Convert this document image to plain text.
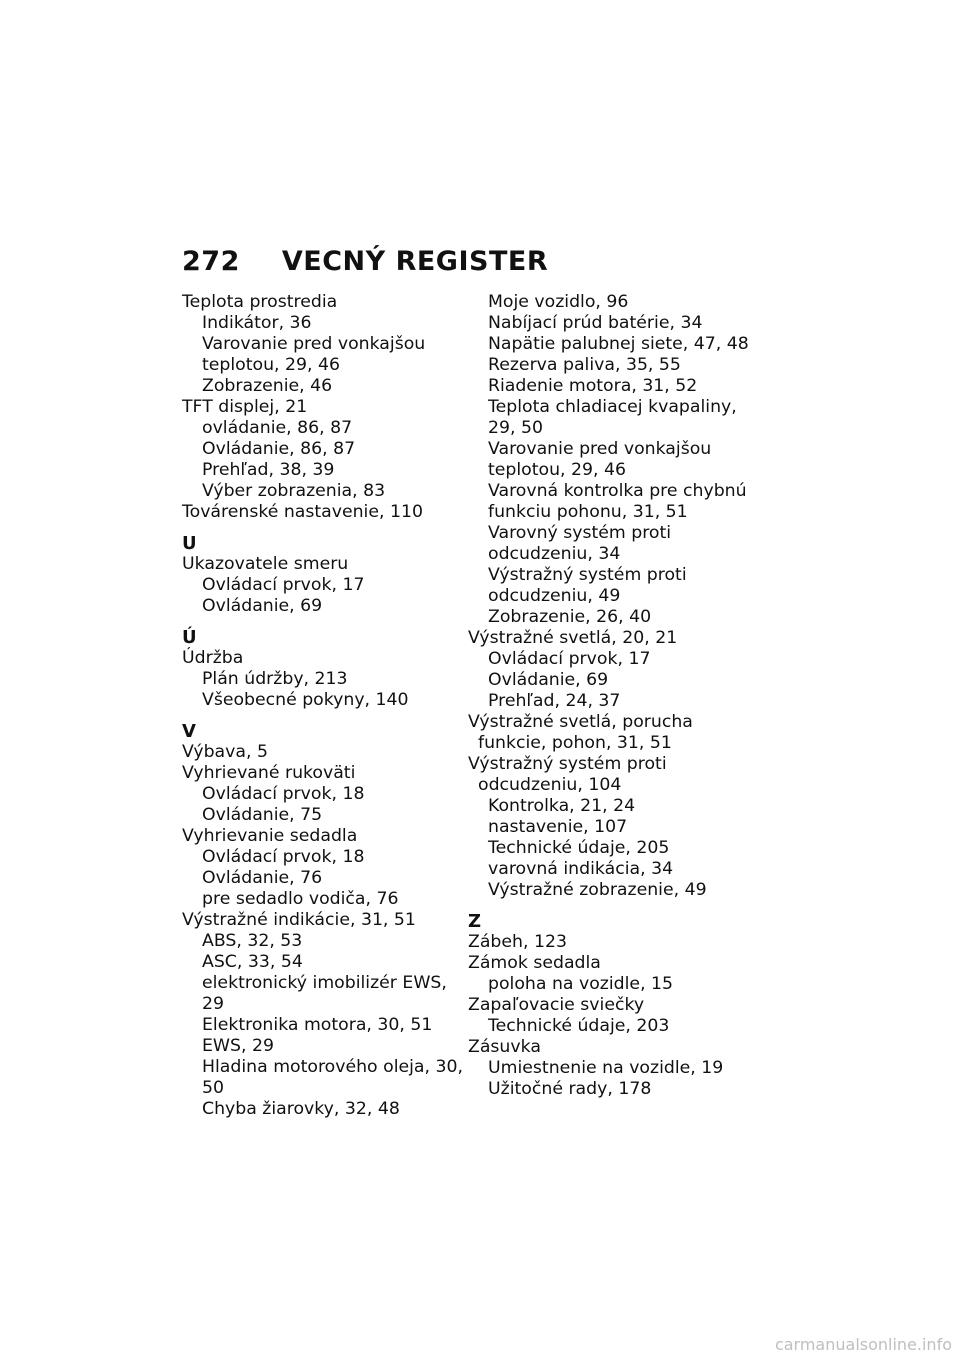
272 VECNÝ REGISTER
Teplota prostredia
Indikátor, 36
Varovanie pred vonkajšou teplotou, 29, 46
Zobrazenie, 46
TFT displej, 21
ovládanie, 86, 87
Ovládanie, 86, 87
Prehľad, 38, 39
Výber zobrazenia, 83
Továrenské nastavenie, 110
U
Ukazovatele smeru
Ovládací prvok, 17
Ovládanie, 69
Ú
Údržba
Plán údržby, 213
Všeobecné pokyny, 140
V
Výbava, 5
Vyhrievané rukoväti
Ovládací prvok, 18
Ovládanie, 75
Vyhrievanie sedadla
Ovládací prvok, 18
Ovládanie, 76
pre sedadlo vodiča, 76
Výstražné indikácie, 31, 51
ABS, 32, 53
ASC, 33, 54
elektronický imobilizér EWS, 29
Elektronika motora, 30, 51
EWS, 29
Hladina motorového oleja, 30, 50
Chyba žiarovky, 32, 48
Moje vozidlo, 96
Nabíjací prúd batérie, 34
Napätie palubnej siete, 47, 48
Rezerva paliva, 35, 55
Riadenie motora, 31, 52
Teplota chladiacej kvapaliny, 29, 50
Varovanie pred vonkajšou teplotou, 29, 46
Varovná kontrolka pre chybnú funkciu pohonu, 31, 51
Varovný systém proti odcudzeniu, 34
Výstražný systém proti odcudzeniu, 49
Zobrazenie, 26, 40
Výstražné svetlá, 20, 21
Ovládací prvok, 17
Ovládanie, 69
Prehľad, 24, 37
Výstražné svetlá, porucha funkcie, pohon, 31, 51
Výstražný systém proti odcudzeniu, 104
Kontrolka, 21, 24
nastavenie, 107
Technické údaje, 205
varovná indikácia, 34
Výstražné zobrazenie, 49
Z
Zábeh, 123
Zámok sedadla
poloha na vozidle, 15
Zapaľovacie sviečky
Technické údaje, 203
Zásuvka
Umiestnenie na vozidle, 19
Užitočné rady, 178
carmanualsonline.info
